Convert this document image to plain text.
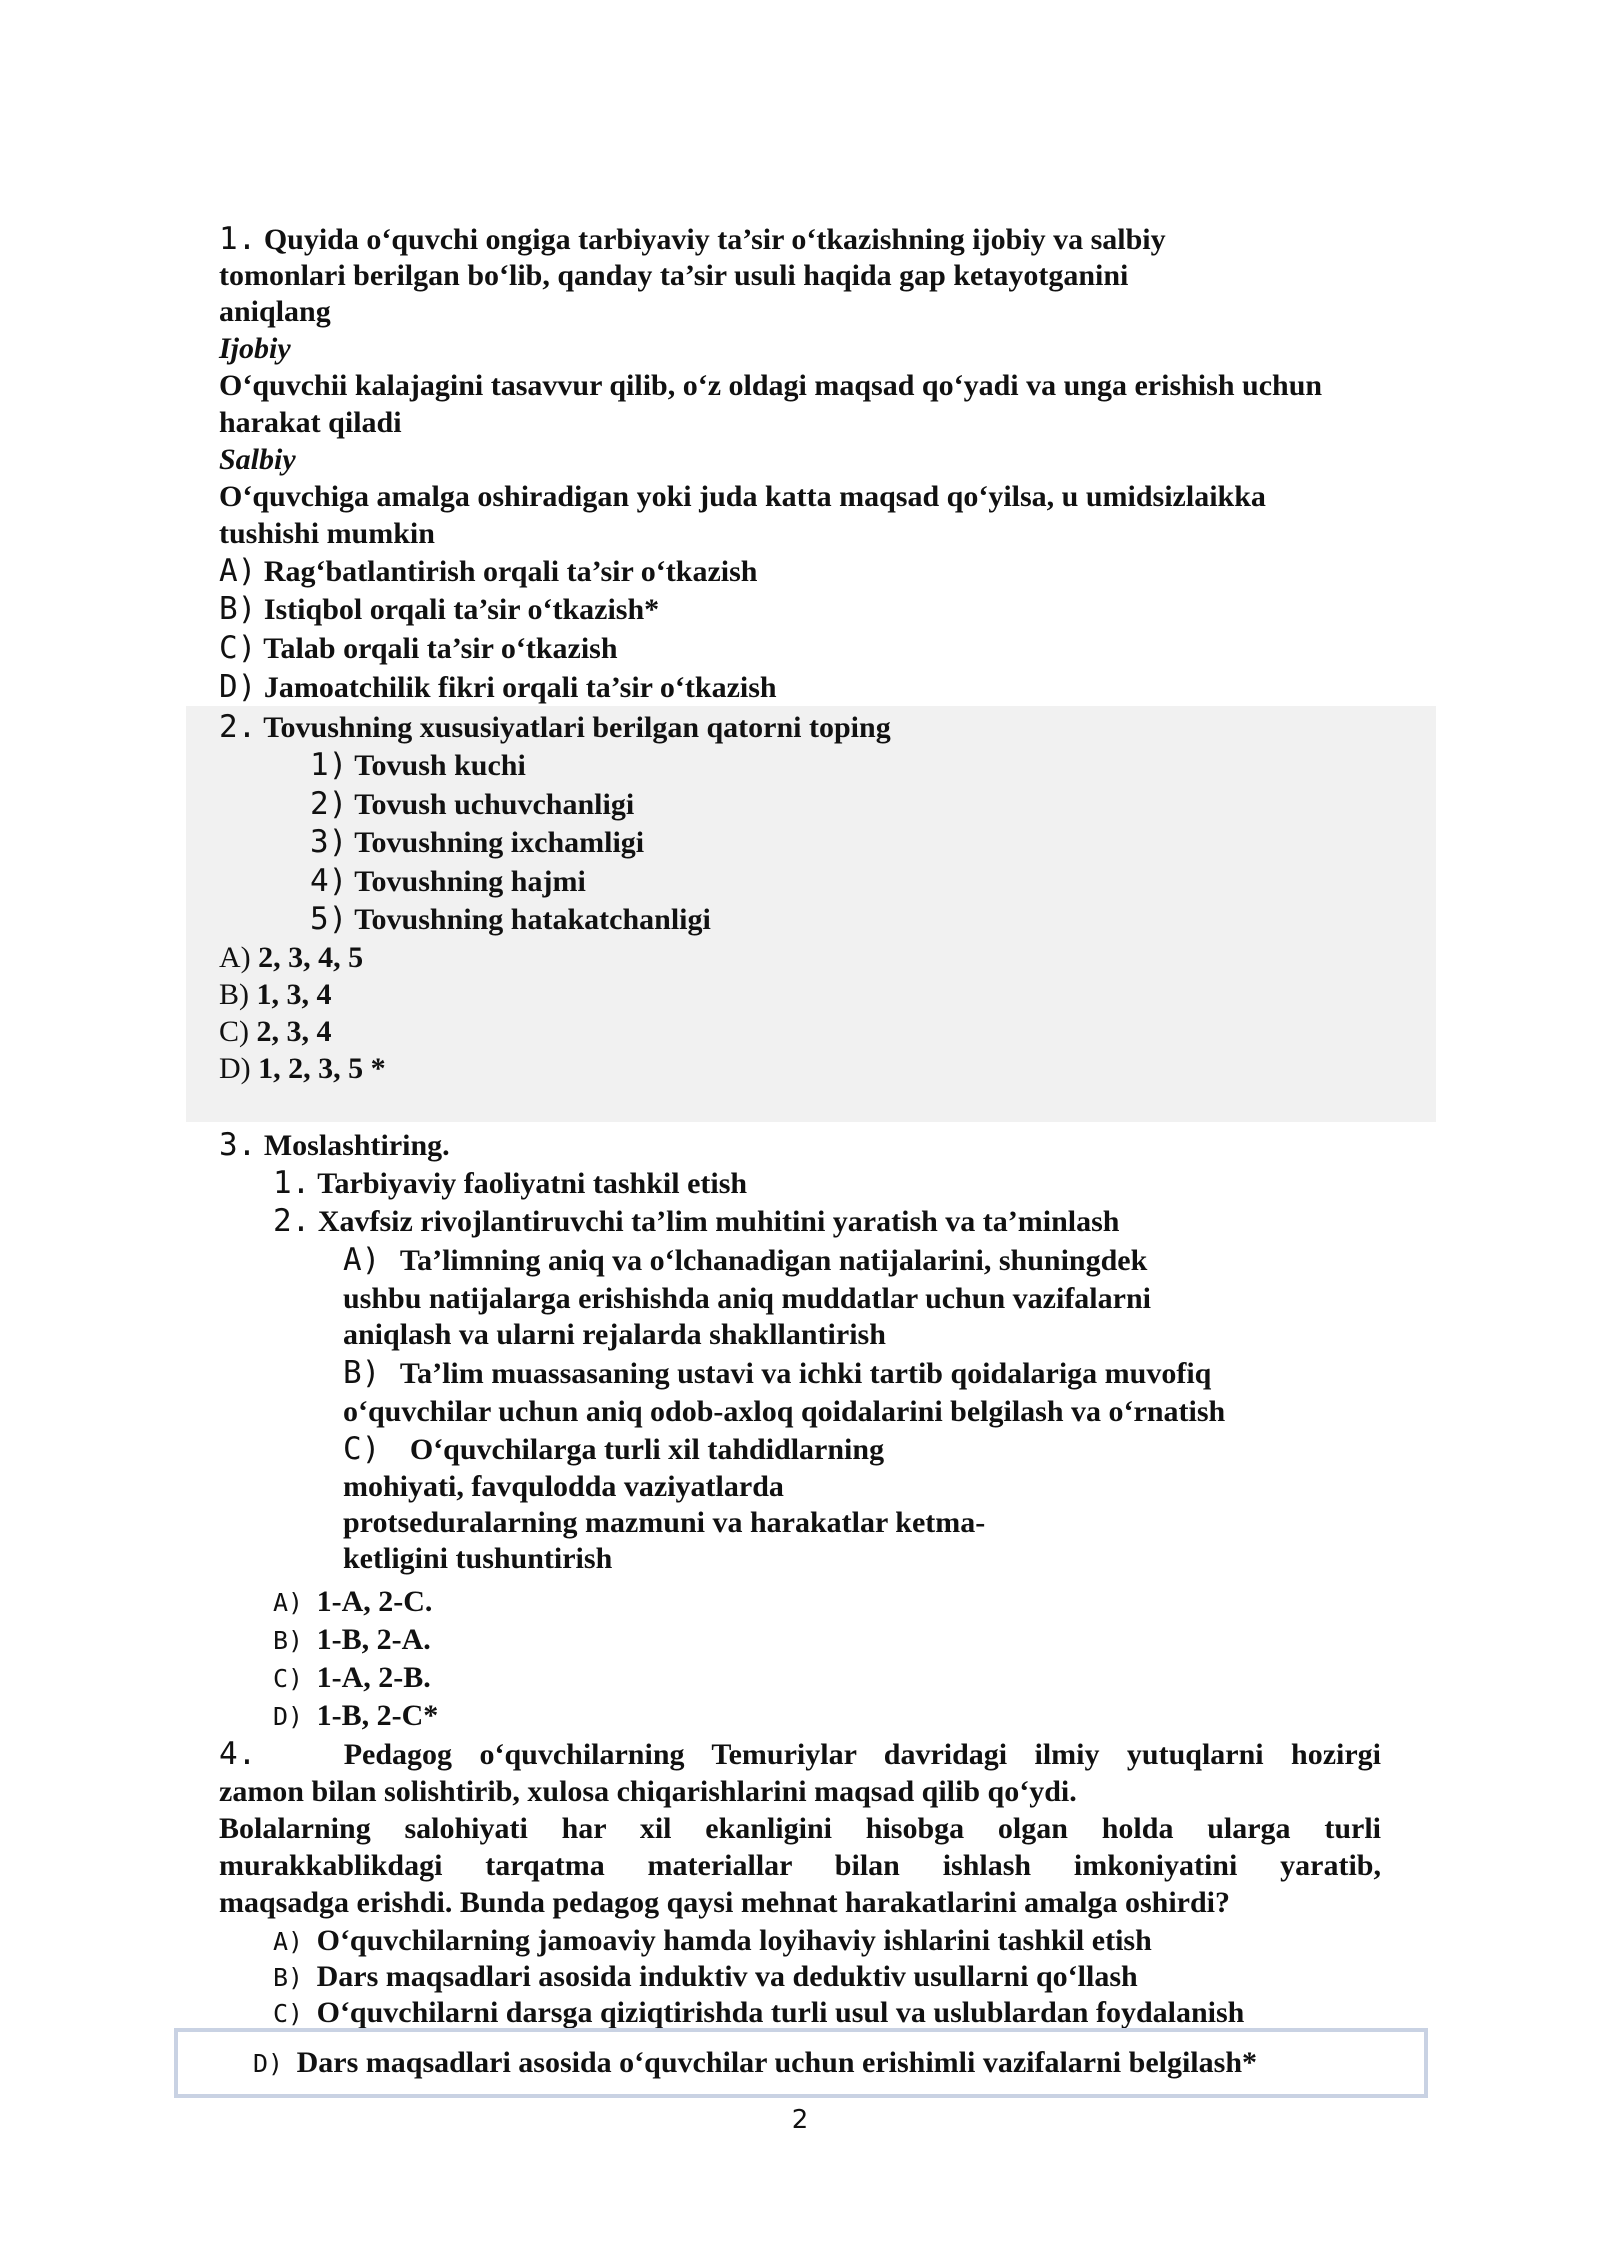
1. Quyida o‘quvchi ongiga tarbiyaviy ta’sir o‘tkazishning ijobiy va salbiy
tomonlari berilgan bo‘lib, qanday ta’sir usuli haqida gap ketayotganini
aniqlang
Ijobiy
O‘quvchii kalajagini tasavvur qilib, o‘z oldagi maqsad qo‘yadi va unga erishish uchun
harakat qiladi
Salbiy
O‘quvchiga amalga oshiradigan yoki juda katta maqsad qo‘yilsa, u umidsizlaikka
tushishi mumkin
A) Rag‘batlantirish orqali ta’sir o‘tkazish
B) Istiqbol orqali ta’sir o‘tkazish*
C) Talab orqali ta’sir o‘tkazish
D) Jamoatchilik fikri orqali ta’sir o‘tkazish
2. Tovushning xususiyatlari berilgan qatorni toping
1) Tovush kuchi
2) Tovush uchuvchanligi
3) Tovushning ixchamligi
4) Tovushning hajmi
5) Tovushning hatakatchanligi
A) 2, 3, 4, 5
B) 1, 3, 4
C) 2, 3, 4
D) 1, 2, 3, 5 *
3. Moslashtiring.
1. Tarbiyaviy faoliyatni tashkil etish
2. Xavfsiz rivojlantiruvchi ta’lim muhitini yaratish va ta’minlash
A) Ta’limning aniq va o‘lchanadigan natijalarini, shuningdek
ushbu natijalarga erishishda aniq muddatlar uchun vazifalarni
aniqlash va ularni rejalarda shakllantirish
B) Ta’lim muassasaning ustavi va ichki tartib qoidalariga muvofiq
o‘quvchilar uchun aniq odob-axloq qoidalarini belgilash va o‘rnatish
C) O‘quvchilarga turli xil tahdidlarning
mohiyati, favqulodda vaziyatlarda
protseduralarning mazmuni va harakatlar ketma-
ketligini tushuntirish
A) 1-A, 2-C.
B) 1-B, 2-A.
C) 1-A, 2-B.
D) 1-B, 2-C*
4.	Pedagog o‘quvchilarning Temuriylar davridagi ilmiy yutuqlarni hozirgi
zamon bilan solishtirib, xulosa chiqarishlarini maqsad qilib qo‘ydi.
Bolalarning salohiyati har xil ekanligini hisobga olgan holda ularga turli
murakkablikdagi tarqatma materiallar bilan ishlash imkoniyatini yaratib,
maqsadga erishdi. Bunda pedagog qaysi mehnat harakatlarini amalga oshirdi?
A) O‘quvchilarning jamoaviy hamda loyihaviy ishlarini tashkil etish
B) Dars maqsadlari asosida induktiv va deduktiv usullarni qo‘llash
C) O‘quvchilarni darsga qiziqtirishda turli usul va uslublardan foydalanish
D) Dars maqsadlari asosida o‘quvchilar uchun erishimli vazifalarni belgilash*
2
